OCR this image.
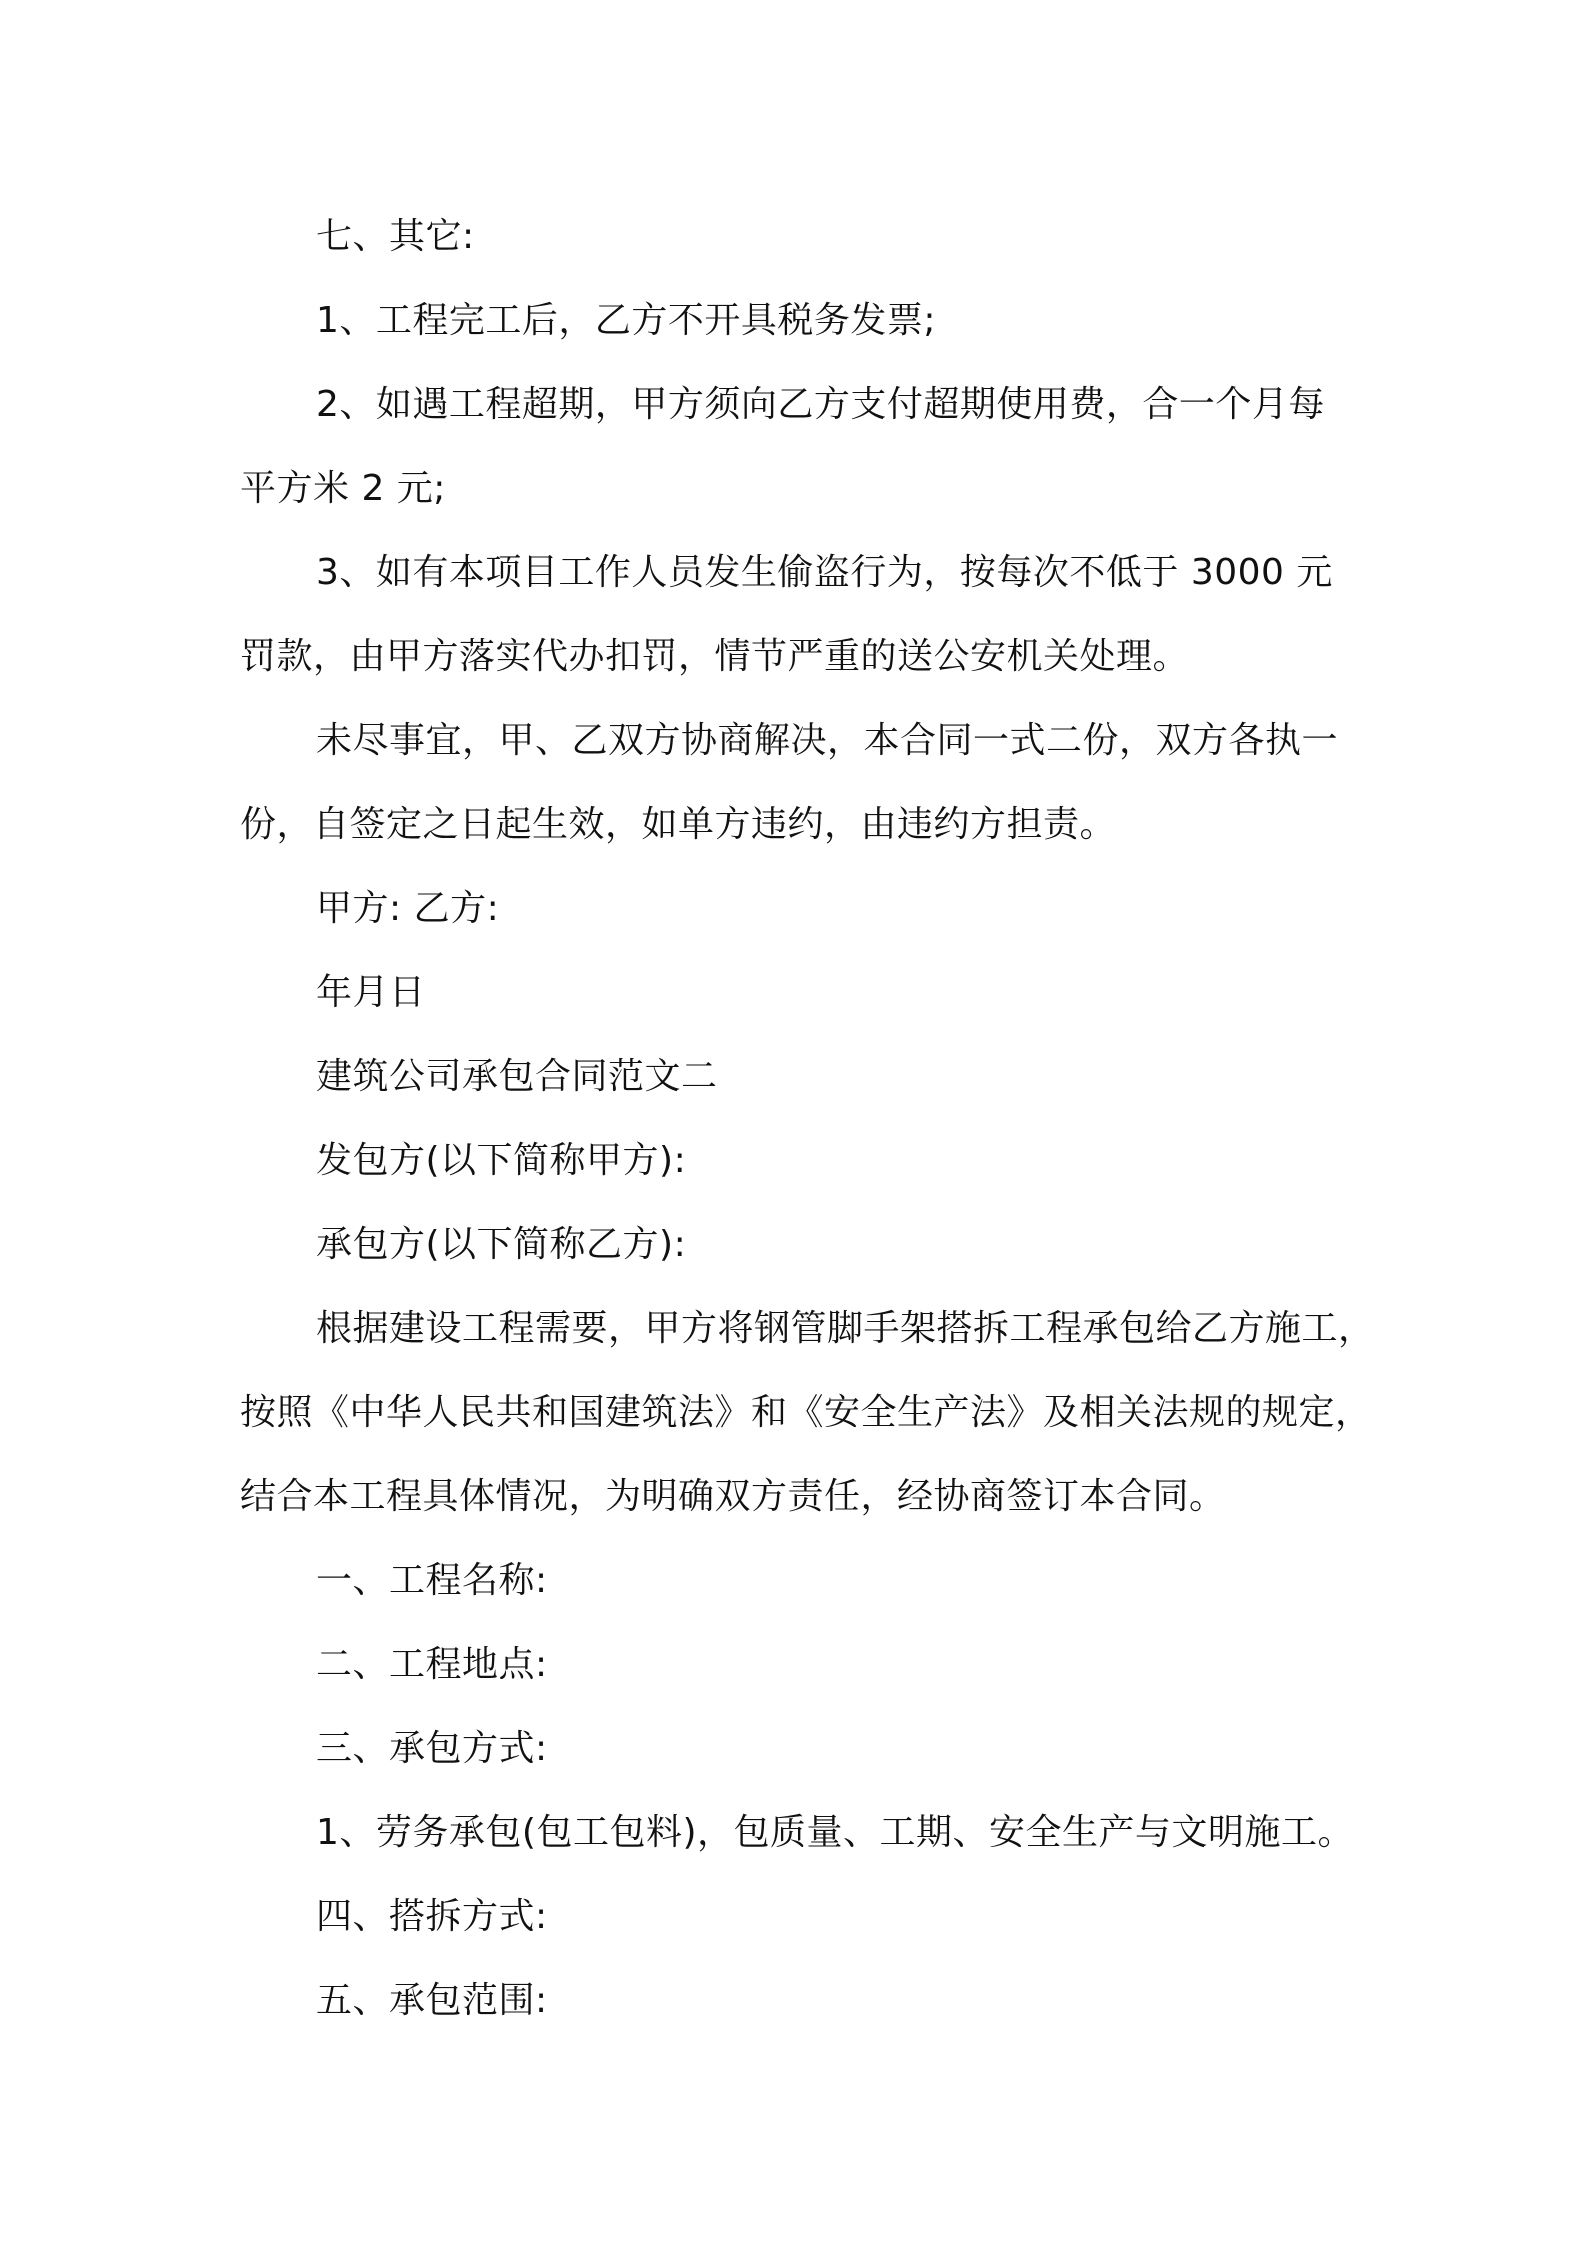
七、其它:
1、工程完工后，乙方不开具税务发票;
2、如遇工程超期，甲方须向乙方支付超期使用费，合一个月每
平方米 2 元;
3、如有本项目工作人员发生偷盗行为，按每次不低于 3000 元
罚款，由甲方落实代办扣罚，情节严重的送公安机关处理。
未尽事宜，甲、乙双方协商解决，本合同一式二份，双方各执一
份，自签定之日起生效，如单方违约，由违约方担责。
甲方: 乙方:
年月日
建筑公司承包合同范文二
发包方(以下简称甲方):
承包方(以下简称乙方):
根据建设工程需要，甲方将钢管脚手架搭拆工程承包给乙方施工，
按照《中华人民共和国建筑法》和《安全生产法》及相关法规的规定，
结合本工程具体情况，为明确双方责任，经协商签订本合同。
一、工程名称:
二、工程地点:
三、承包方式:
1、劳务承包(包工包料)，包质量、工期、安全生产与文明施工。
四、搭拆方式:
五、承包范围:
